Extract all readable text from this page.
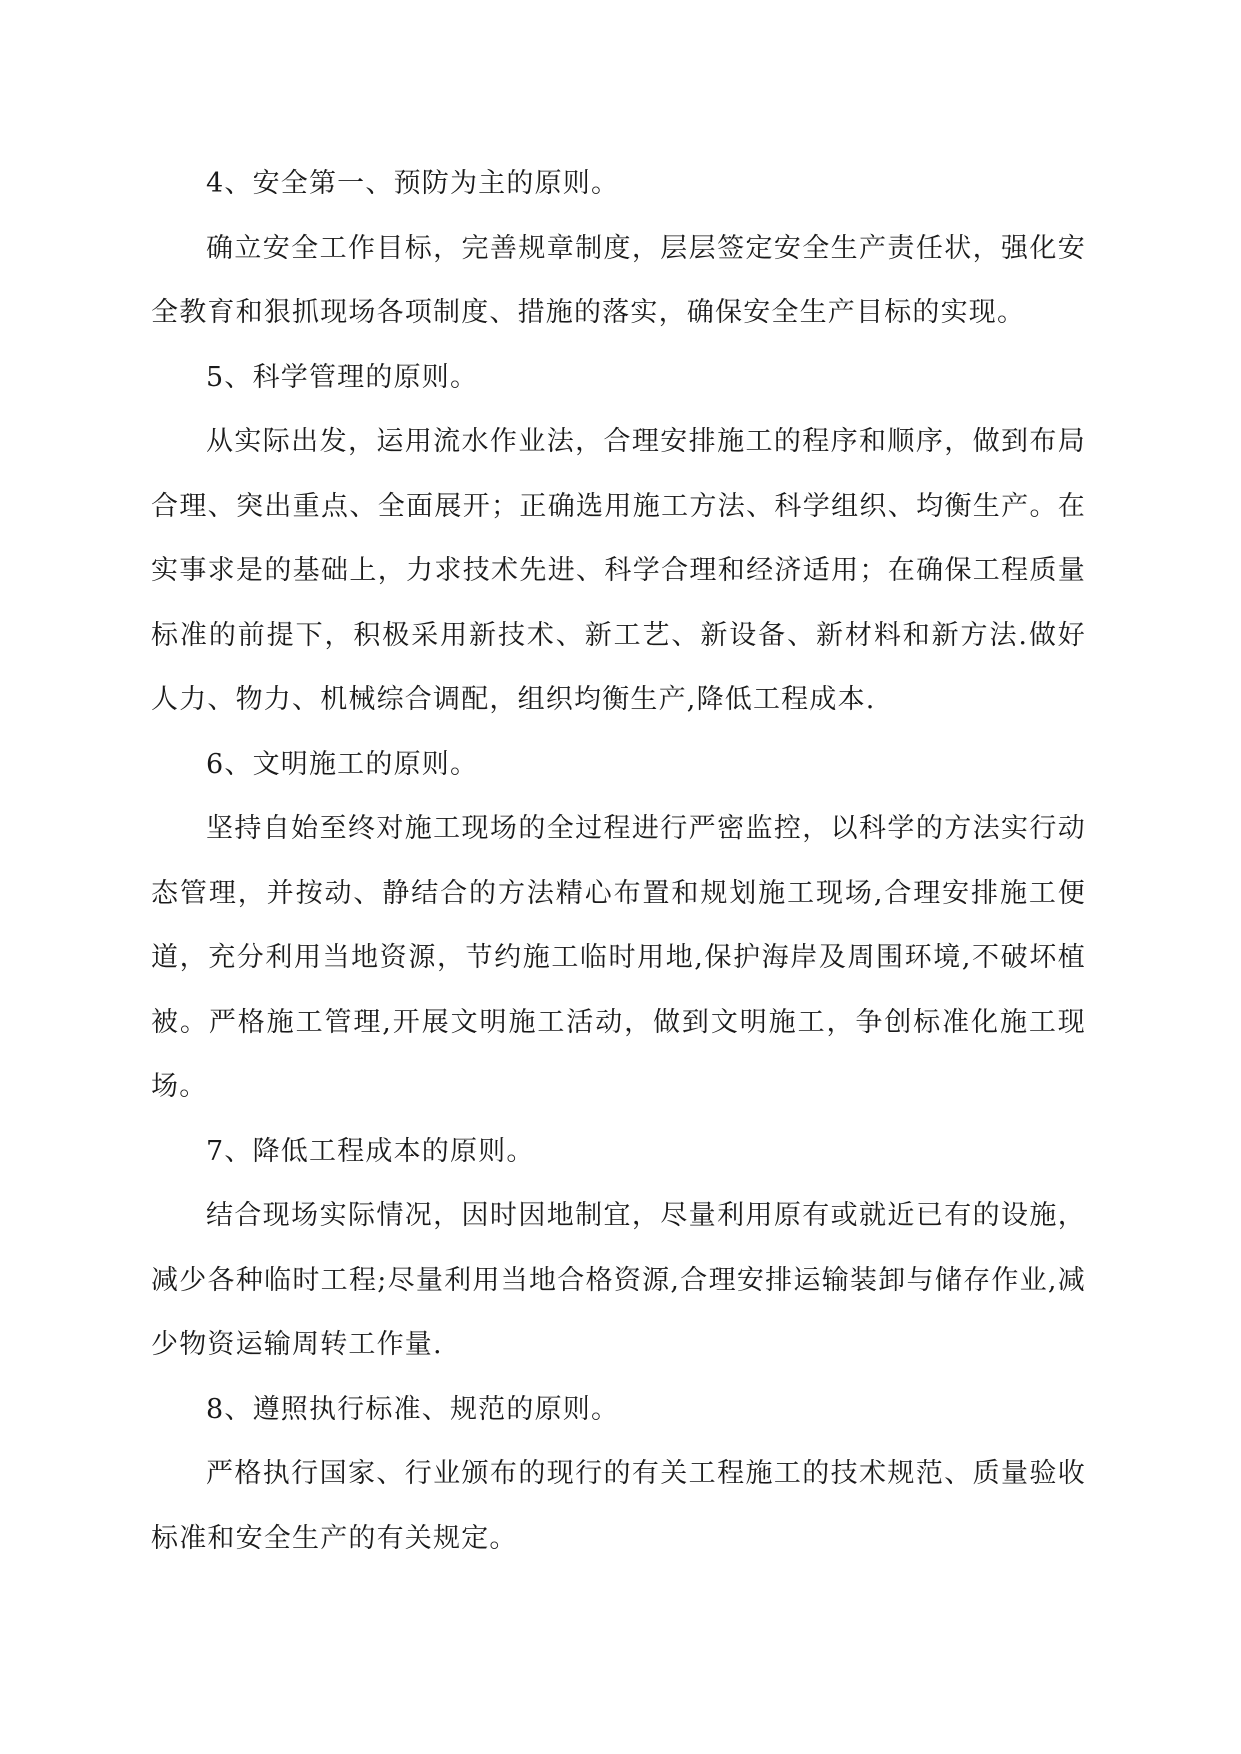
4、安全第一、预防为主的原则。

确立安全工作目标，完善规章制度，层层签定安全生产责任状，强化安全教育和狠抓现场各项制度、措施的落实，确保安全生产目标的实现。

5、科学管理的原则。

从实际出发，运用流水作业法，合理安排施工的程序和顺序，做到布局合理、突出重点、全面展开；正确选用施工方法、科学组织、均衡生产。在实事求是的基础上，力求技术先进、科学合理和经济适用；在确保工程质量标准的前提下，积极采用新技术、新工艺、新设备、新材料和新方法.做好人力、物力、机械综合调配，组织均衡生产,降低工程成本.

6、文明施工的原则。

坚持自始至终对施工现场的全过程进行严密监控，以科学的方法实行动态管理，并按动、静结合的方法精心布置和规划施工现场,合理安排施工便道，充分利用当地资源，节约施工临时用地,保护海岸及周围环境,不破坏植被。严格施工管理,开展文明施工活动，做到文明施工，争创标准化施工现场。

7、降低工程成本的原则。

结合现场实际情况，因时因地制宜，尽量利用原有或就近已有的设施，减少各种临时工程;尽量利用当地合格资源,合理安排运输装卸与储存作业,减少物资运输周转工作量.

8、遵照执行标准、规范的原则。

严格执行国家、行业颁布的现行的有关工程施工的技术规范、质量验收标准和安全生产的有关规定。
